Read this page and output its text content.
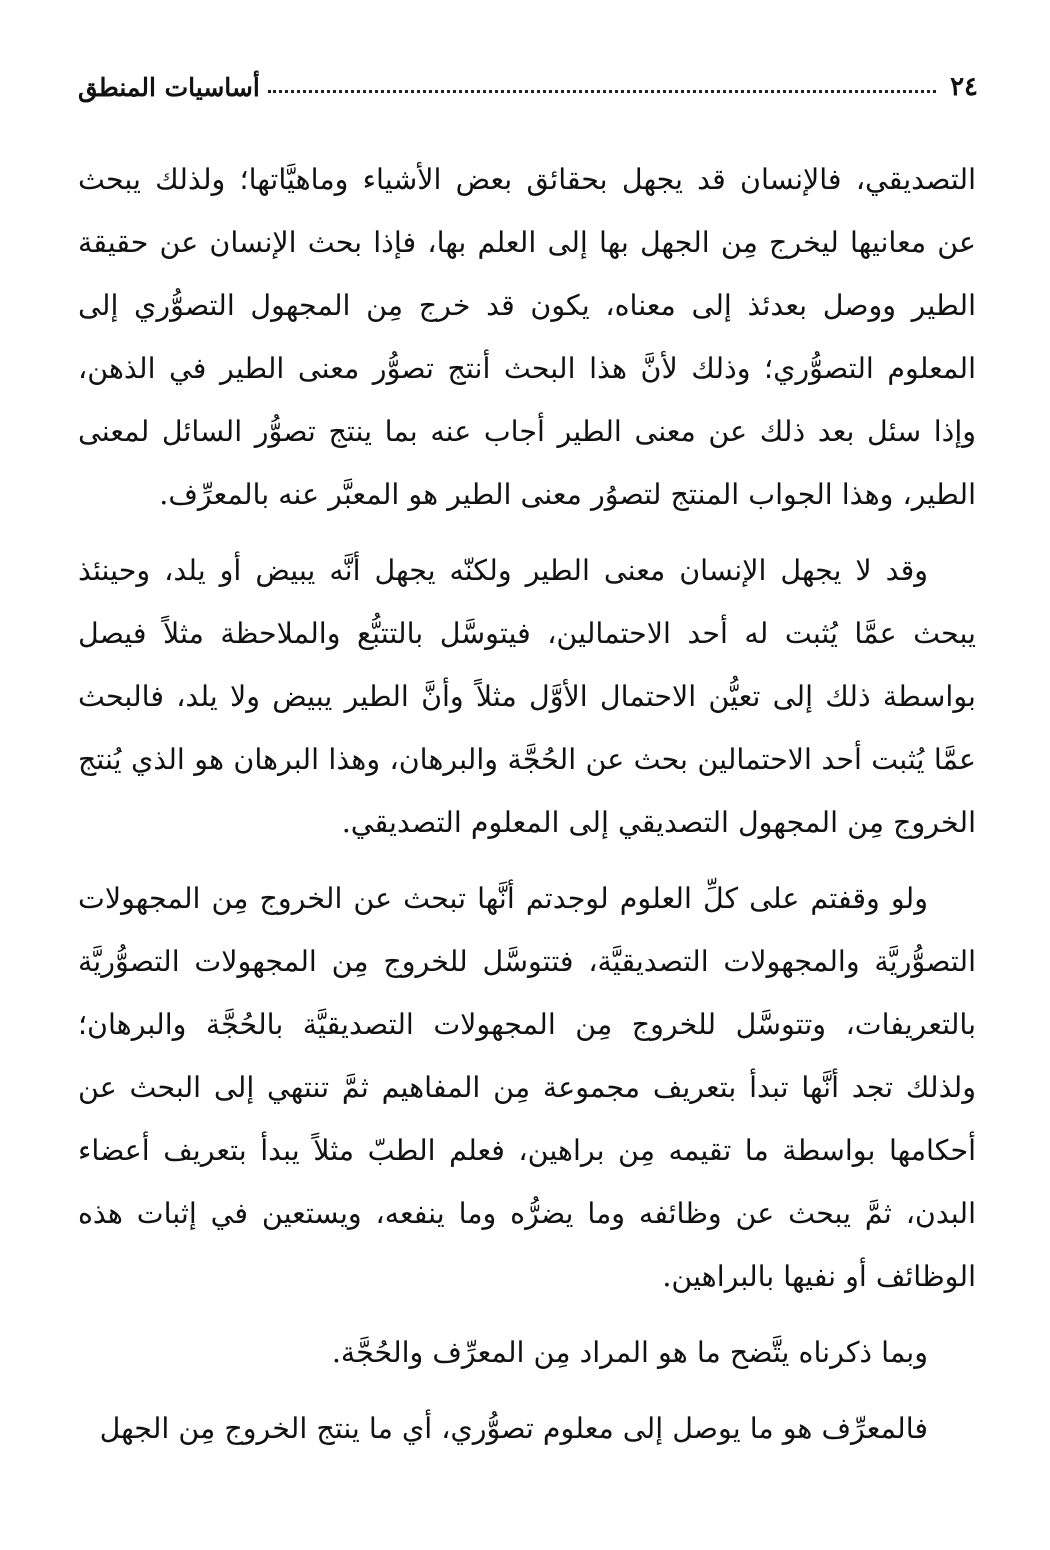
٢٤
أساسيات المنطق

التصديقي، فالإنسان قد يجهل بحقائق بعض الأشياء وماهيَّاتها؛ ولذلك يبحث عن معانيها ليخرج مِن الجهل بها إلى العلم بها، فإذا بحث الإنسان عن حقيقة الطير ووصل بعدئذ إلى معناه، يكون قد خرج مِن المجهول التصوُّري إلى المعلوم التصوُّري؛ وذلك لأنَّ هذا البحث أنتج تصوُّر معنى الطير في الذهن، وإذا سئل بعد ذلك عن معنى الطير أجاب عنه بما ينتج تصوُّر السائل لمعنى الطير، وهذا الجواب المنتج لتصوُر معنى الطير هو المعبَّر عنه بالمعرِّف.

وقد لا يجهل الإنسان معنى الطير ولكنّه يجهل أنَّه يبيض أو يلد، وحينئذ يبحث عمَّا يُثبت له أحد الاحتمالين، فيتوسَّل بالتتبُّع والملاحظة مثلاً فيصل بواسطة ذلك إلى تعيُّن الاحتمال الأوَّل مثلاً وأنَّ الطير يبيض ولا يلد، فالبحث عمَّا يُثبت أحد الاحتمالين بحث عن الحُجَّة والبرهان، وهذا البرهان هو الذي يُنتج الخروج مِن المجهول التصديقي إلى المعلوم التصديقي.

ولو وقفتم على كلِّ العلوم لوجدتم أنَّها تبحث عن الخروج مِن المجهولات التصوُّريَّة والمجهولات التصديقيَّة، فتتوسَّل للخروج مِن المجهولات التصوُّريَّة بالتعريفات، وتتوسَّل للخروج مِن المجهولات التصديقيَّة بالحُجَّة والبرهان؛ ولذلك تجد أنَّها تبدأ بتعريف مجموعة مِن المفاهيم ثمَّ تنتهي إلى البحث عن أحكامها بواسطة ما تقيمه مِن براهين، فعلم الطبّ مثلاً يبدأ بتعريف أعضاء البدن، ثمَّ يبحث عن وظائفه وما يضرُّه وما ينفعه، ويستعين في إثبات هذه الوظائف أو نفيها بالبراهين.

وبما ذكرناه يتَّضح ما هو المراد مِن المعرِّف والحُجَّة.

فالمعرِّف هو ما يوصل إلى معلوم تصوُّري، أي ما ينتج الخروج مِن الجهل
